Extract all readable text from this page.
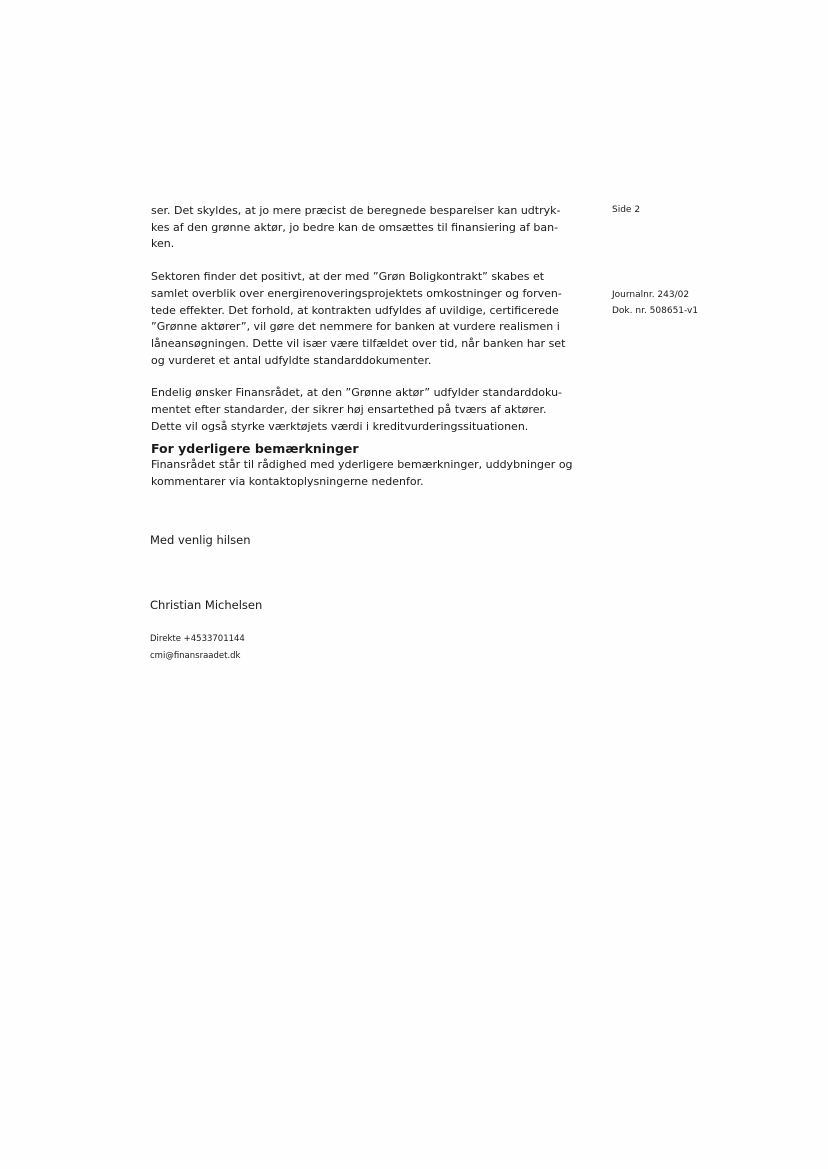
Side 2

Journalnr. 243/02

Dok. nr. 508651-v1

ser. Det skyldes, at jo mere præcist de beregnede besparelser kan udtryk-
kes af den grønne aktør, jo bedre kan de omsættes til finansiering af ban-
ken.

Sektoren finder det positivt, at der med ”Grøn Boligkontrakt” skabes et
samlet overblik over energirenoveringsprojektets omkostninger og forven-
tede effekter. Det forhold, at kontrakten udfyldes af uvildige, certificerede
”Grønne aktører”, vil gøre det nemmere for banken at vurdere realismen i
låneansøgningen. Dette vil især være tilfældet over tid, når banken har set
og vurderet et antal udfyldte standarddokumenter.

Endelig ønsker Finansrådet, at den ”Grønne aktør” udfylder standarddoku-
mentet efter standarder, der sikrer høj ensartethed på tværs af aktører.
Dette vil også styrke værktøjets værdi i kreditvurderingssituationen.

For yderligere bemærkninger

Finansrådet står til rådighed med yderligere bemærkninger, uddybninger og
kommentarer via kontaktoplysningerne nedenfor.

Med venlig hilsen

Christian Michelsen

Direkte +4533701144

cmi@finansraadet.dk
